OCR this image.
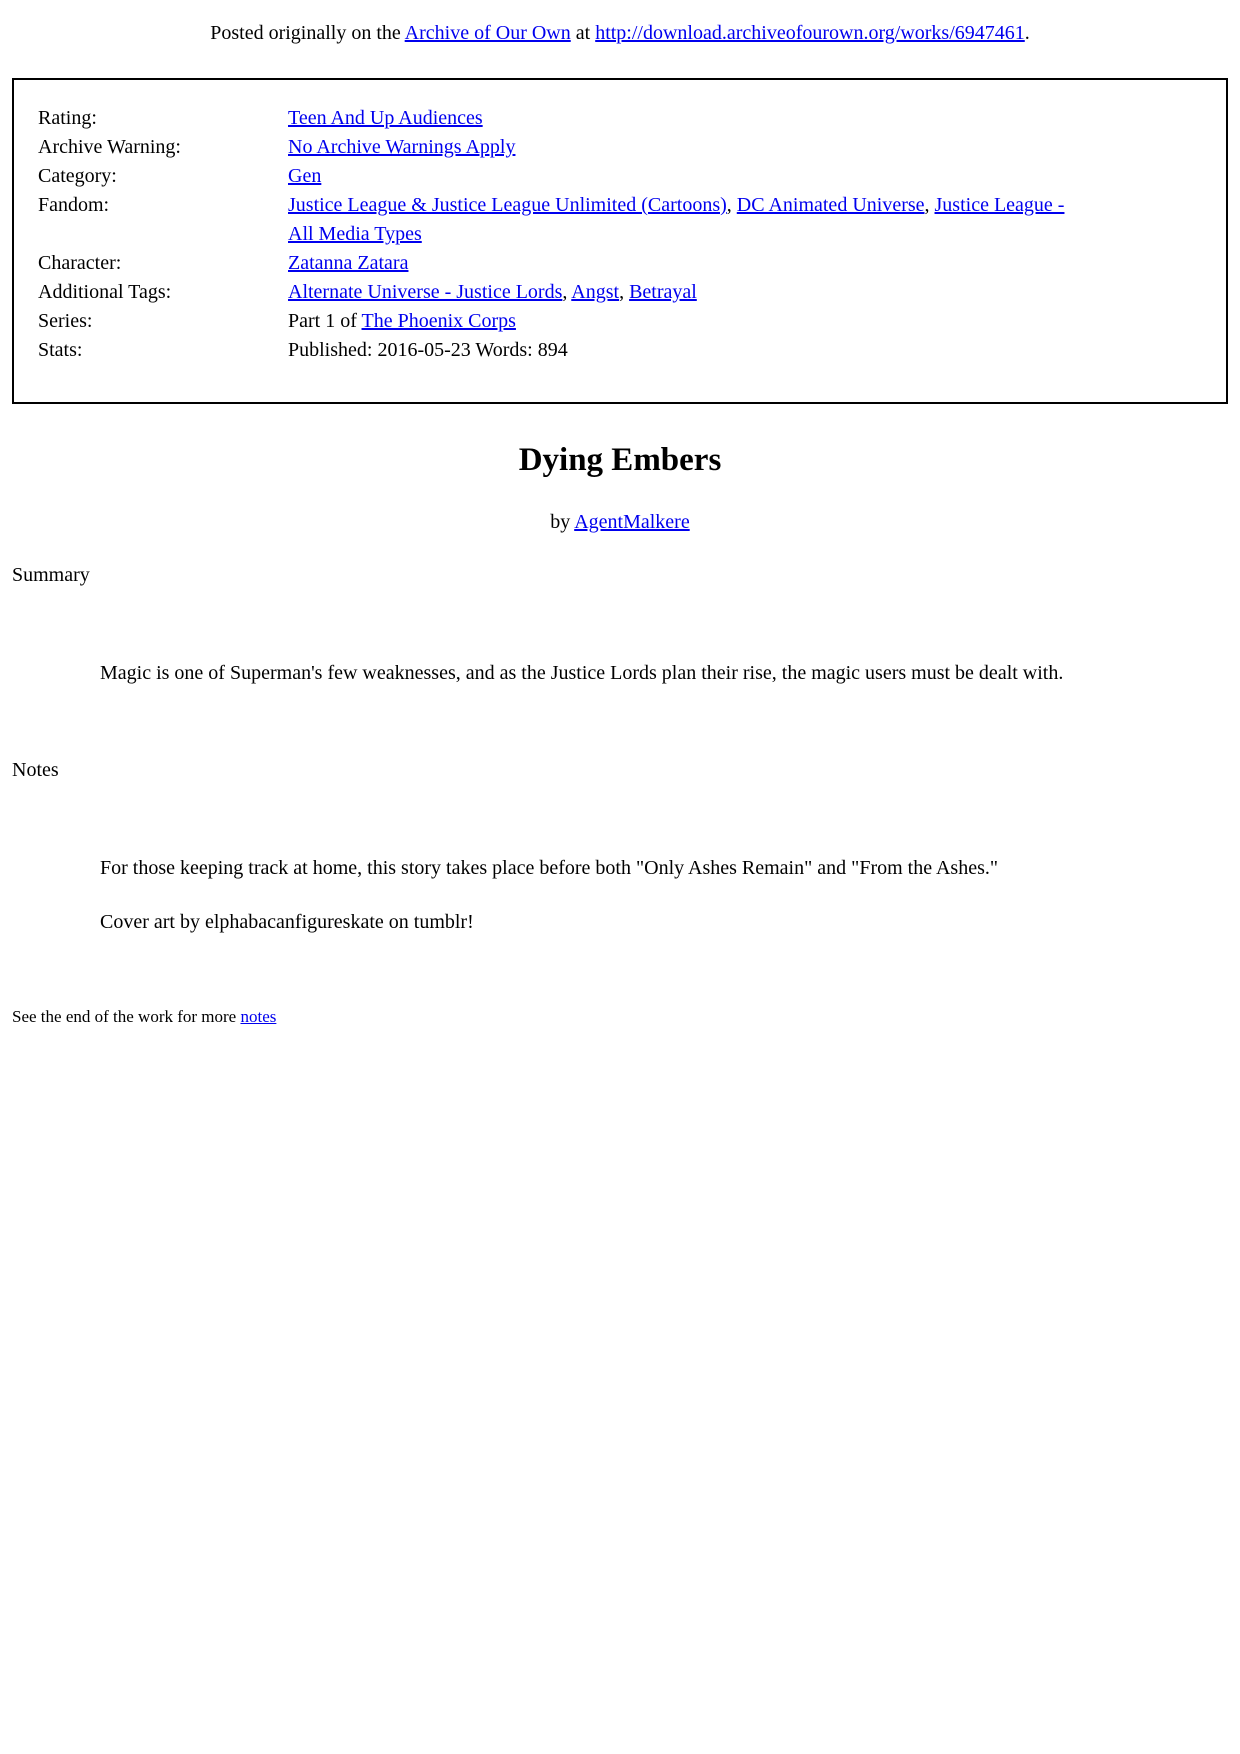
Posted originally on the Archive of Our Own at http://download.archiveofourown.org/works/6947461.

Rating:	Teen And Up Audiences
Archive Warning:	No Archive Warnings Apply
Category:	Gen
Fandom:	Justice League & Justice League Unlimited (Cartoons), DC Animated Universe, Justice League - All Media Types
Character:	Zatanna Zatara
Additional Tags:	Alternate Universe - Justice Lords, Angst, Betrayal
Series:	Part 1 of The Phoenix Corps
Stats:	Published: 2016-05-23 Words: 894
Dying Embers

by AgentMalkere

Summary

Magic is one of Superman's few weaknesses, and as the Justice Lords plan their rise, the magic users must be dealt with.

Notes

For those keeping track at home, this story takes place before both "Only Ashes Remain" and "From the Ashes."

Cover art by elphabacanfigureskate on tumblr!

See the end of the work for more notes
